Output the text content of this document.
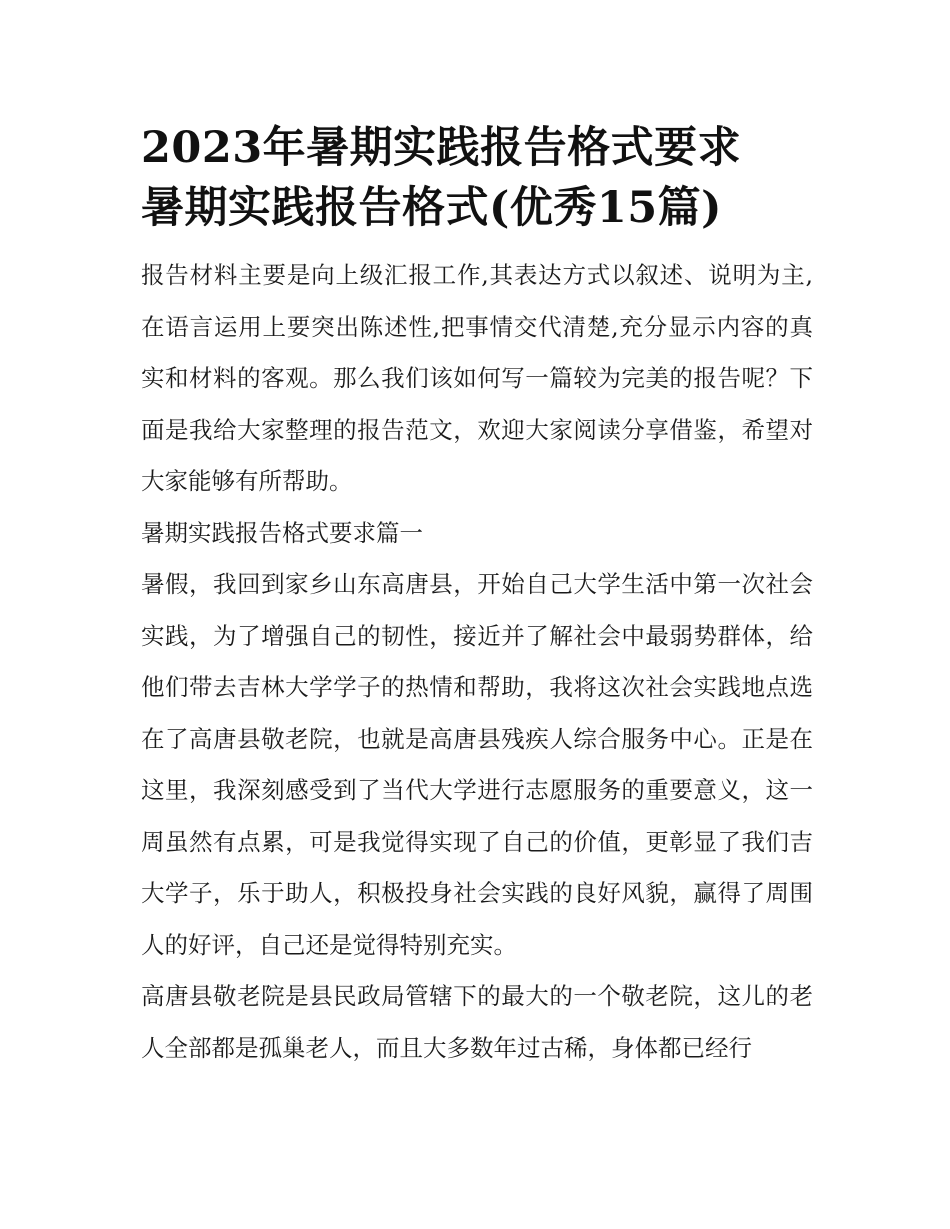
2023年暑期实践报告格式要求
暑期实践报告格式(优秀15篇)

报告材料主要是向上级汇报工作,其表达方式以叙述、说明为主,在语言运用上要突出陈述性,把事情交代清楚,充分显示内容的真实和材料的客观。那么我们该如何写一篇较为完美的报告呢？下面是我给大家整理的报告范文，欢迎大家阅读分享借鉴，希望对大家能够有所帮助。

暑期实践报告格式要求篇一

暑假，我回到家乡山东高唐县，开始自己大学生活中第一次社会实践，为了增强自己的韧性，接近并了解社会中最弱势群体，给他们带去吉林大学学子的热情和帮助，我将这次社会实践地点选在了高唐县敬老院，也就是高唐县残疾人综合服务中心。正是在这里，我深刻感受到了当代大学进行志愿服务的重要意义，这一周虽然有点累，可是我觉得实现了自己的价值，更彰显了我们吉大学子，乐于助人，积极投身社会实践的良好风貌，赢得了周围人的好评，自己还是觉得特别充实。

高唐县敬老院是县民政局管辖下的最大的一个敬老院，这儿的老人全部都是孤巢老人，而且大多数年过古稀，身体都已经行
